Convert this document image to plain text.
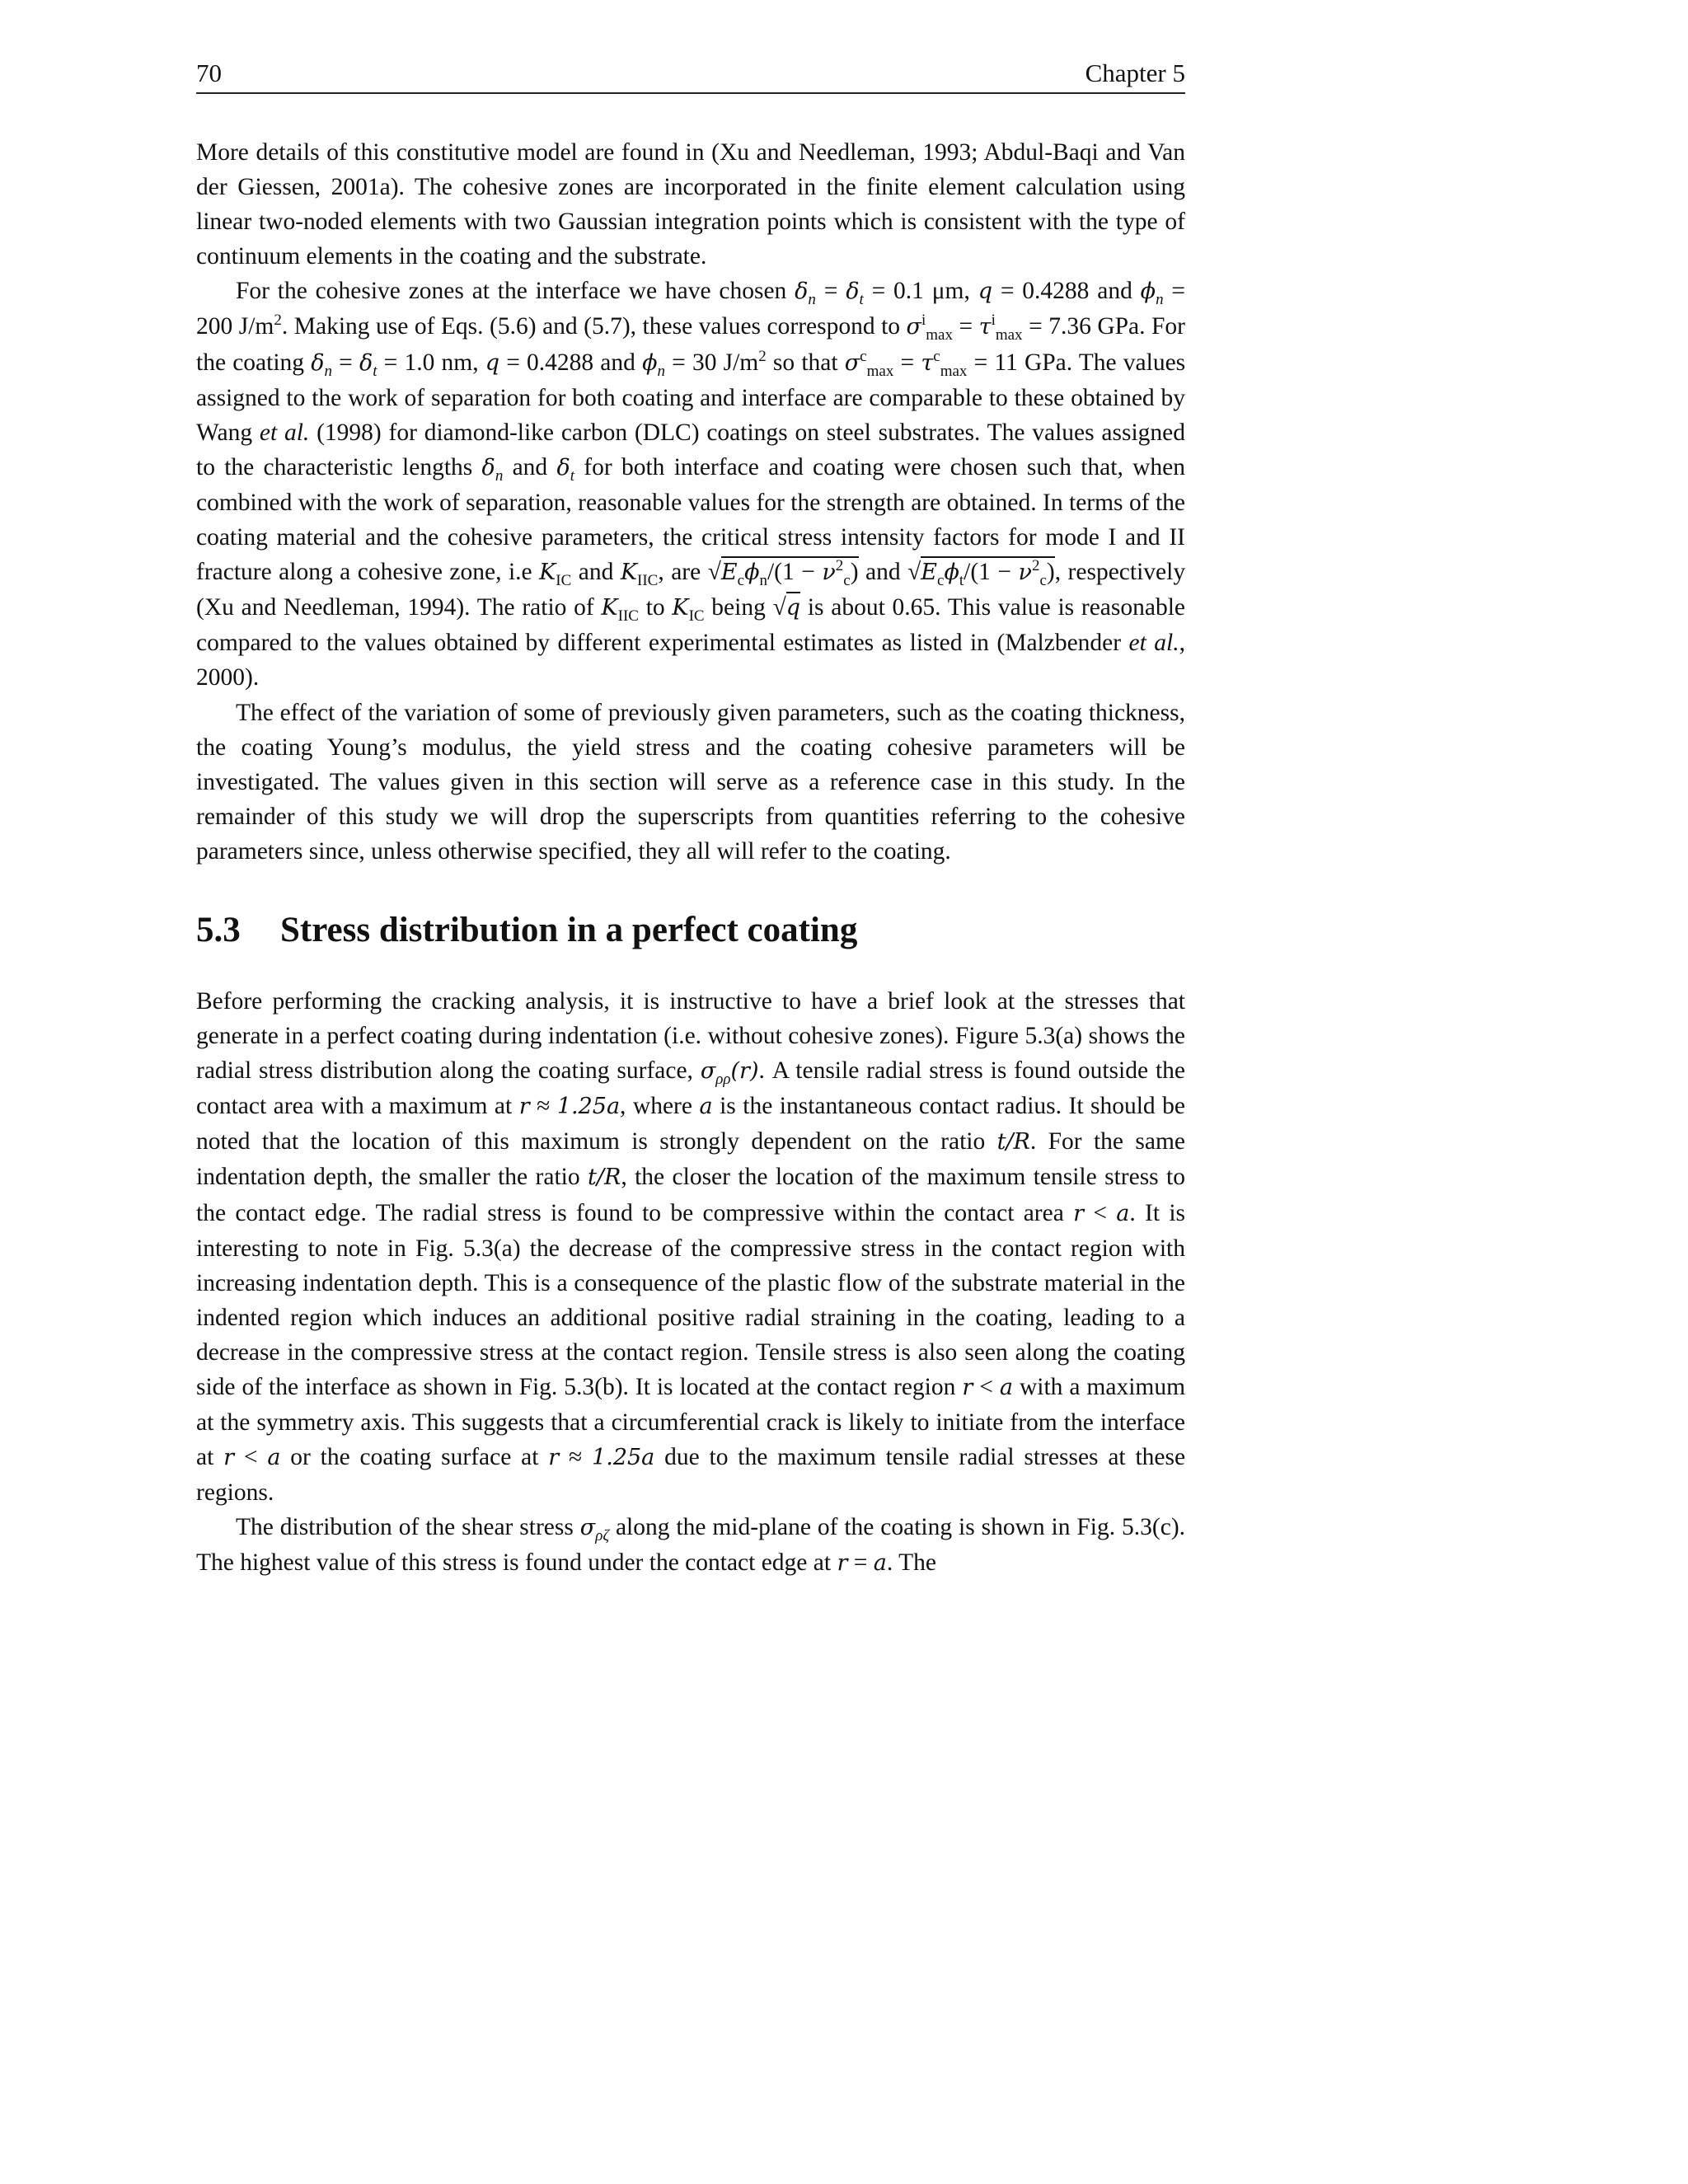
70	Chapter 5

More details of this constitutive model are found in (Xu and Needleman, 1993; Abdul-Baqi and Van der Giessen, 2001a). The cohesive zones are incorporated in the finite element calculation using linear two-noded elements with two Gaussian integration points which is consistent with the type of continuum elements in the coating and the substrate.

For the cohesive zones at the interface we have chosen $\delta_n = \delta_t = 0.1$ μm, q = 0.4288 and $\phi_n = 200$ $J/m^2$. Making use of Eqs. (5.6) and (5.7), these values correspond to $\sigma^i_{max} = \tau^i_{max} = 7.36$ GPa. For the coating $\delta_n = \delta_t = 1.0$ nm, q = 0.4288 and $\phi_n = 30$ $J/m^2$ so that $\sigma^c_{max} = \tau^c_{max} = 11$ GPa. The values assigned to the work of separation for both coating and interface are comparable to these obtained by Wang et al. (1998) for diamond-like carbon (DLC) coatings on steel substrates. The values assigned to the characteristic lengths $\delta_n$ and $\delta_t$ for both interface and coating were chosen such that, when combined with the work of separation, reasonable values for the strength are obtained. In terms of the coating material and the cohesive parameters, the critical stress intensity factors for mode I and II fracture along a cohesive zone, i.e $K_{IC}$ and $K_{IIC}$, are $√E_c\phi_n/(1 - \nu^2_c)$ and $√E_c\phi_t/(1 - \nu^2_c)$, respectively (Xu and Needleman, 1994). The ratio of $K_{IIC}$ to $K_{IC}$ being √q is about 0.65. This value is reasonable compared to the values obtained by different experimental estimates as listed in (Malzbender et al., 2000).

The effect of the variation of some of previously given parameters, such as the coating thickness, the coating Young’s modulus, the yield stress and the coating cohesive parameters will be investigated. The values given in this section will serve as a reference case in this study. In the remainder of this study we will drop the superscripts from quantities referring to the cohesive parameters since, unless otherwise specified, they all will refer to the coating.

5.3	Stress distribution in a perfect coating

Before performing the cracking analysis, it is instructive to have a brief look at the stresses that generate in a perfect coating during indentation (i.e. without cohesive zones). Figure 5.3(a) shows the radial stress distribution along the coating surface, $\sigma_{\rho\rho}(r)$. A tensile radial stress is found outside the contact area with a maximum at r ≈ 1.25a, where a is the instantaneous contact radius. It should be noted that the location of this maximum is strongly dependent on the ratio t/R. For the same indentation depth, the smaller the ratio t/R, the closer the location of the maximum tensile stress to the contact edge. The radial stress is found to be compressive within the contact area r < a. It is interesting to note in Fig. 5.3(a) the decrease of the compressive stress in the contact region with increasing indentation depth. This is a consequence of the plastic flow of the substrate material in the indented region which induces an additional positive radial straining in the coating, leading to a decrease in the compressive stress at the contact region. Tensile stress is also seen along the coating side of the interface as shown in Fig. 5.3(b). It is located at the contact region r < a with a maximum at the symmetry axis. This suggests that a circumferential crack is likely to initiate from the interface at r < a or the coating surface at r ≈ 1.25a due to the maximum tensile radial stresses at these regions.

The distribution of the shear stress $\sigma_{\rho\zeta}$ along the mid-plane of the coating is shown in Fig. 5.3(c). The highest value of this stress is found under the contact edge at r = a. The
